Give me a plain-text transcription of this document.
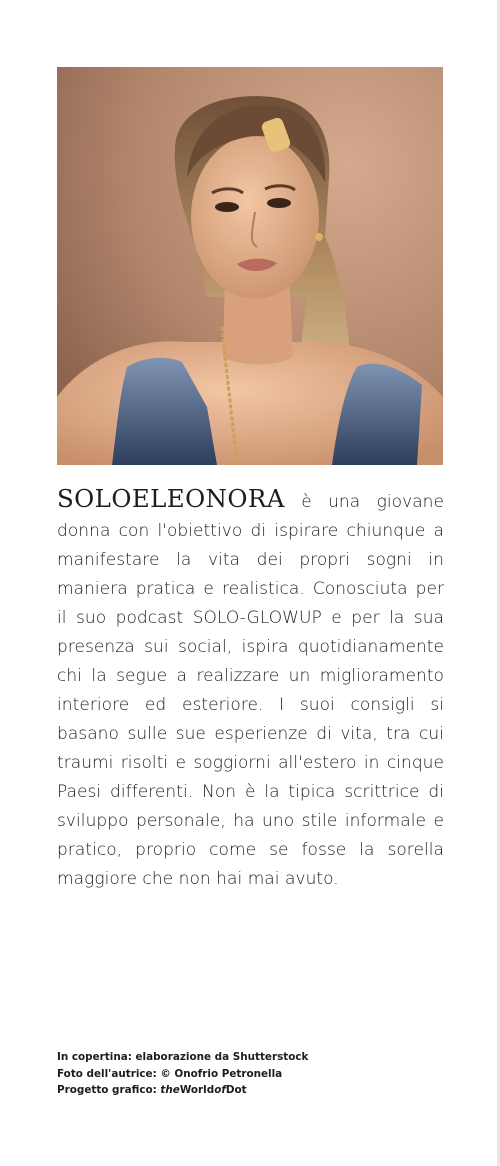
SOLOELEONORA è una giovane donna con l'obiettivo di ispirare chiunque a manifestare la vita dei propri sogni in maniera pratica e realistica. Conosciuta per il suo podcast SOLO-GLOWUP e per la sua presenza sui social, ispira quotidianamente chi la segue a realizzare un miglioramento interiore ed esteriore. I suoi consigli si basano sulle sue esperienze di vita, tra cui traumi risolti e soggiorni all'estero in cinque Paesi differenti. Non è la tipica scrittrice di sviluppo personale, ha uno stile informale e pratico, proprio come se fosse la sorella maggiore che non hai mai avuto.

In copertina: elaborazione da Shutterstock
Foto dell'autrice: © Onofrio Petronella
Progetto grafico: theWorldofDot
